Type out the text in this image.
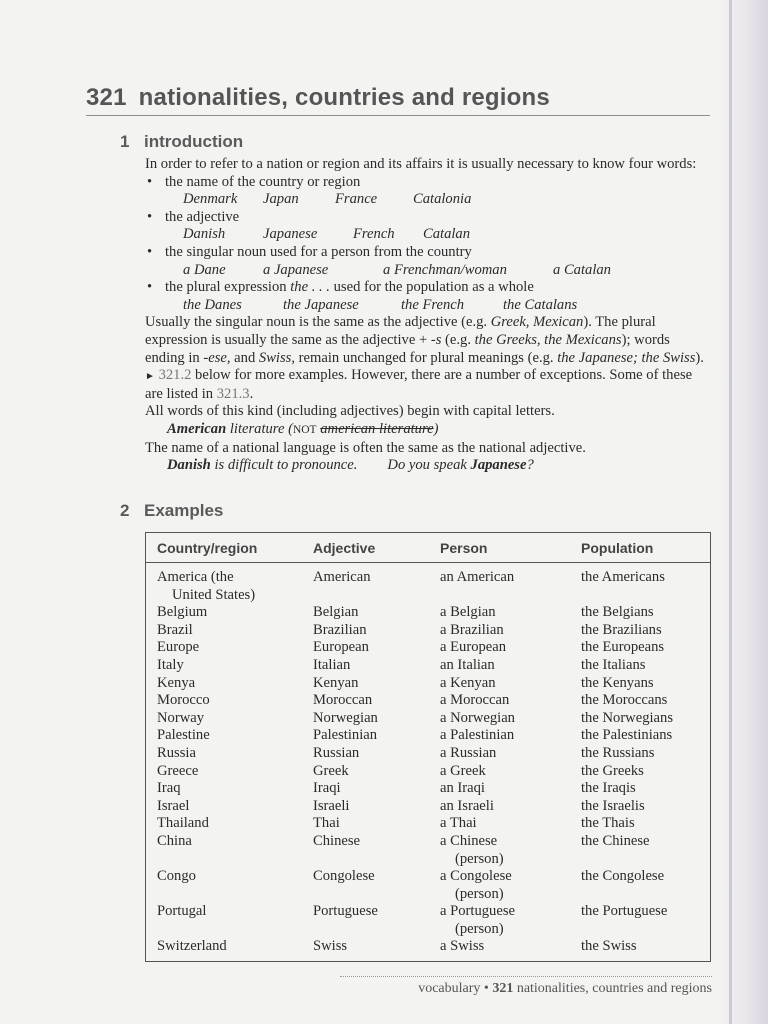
321 nationalities, countries and regions
1 introduction

In order to refer to a nation or region and its affairs it is usually necessary to know four words:

• the name of the country or region
Denmark	Japan	France	Catalonia
• the adjective
Danish	Japanese	French	Catalan
• the singular noun used for a person from the country
a Dane	a Japanese	a Frenchman/woman	a Catalan
• the plural expression the . . . used for the population as a whole
the Danes	the Japanese	the French	the Catalans

Usually the singular noun is the same as the adjective (e.g. Greek, Mexican). The plural expression is usually the same as the adjective + -s (e.g. the Greeks, the Mexicans); words ending in -ese, and Swiss, remain unchanged for plural meanings (e.g. the Japanese; the Swiss). ► 321.2 below for more examples. However, there are a number of exceptions. Some of these are listed in 321.3.

All words of this kind (including adjectives) begin with capital letters.

American literature (NOT american literature)

The name of a national language is often the same as the national adjective.

Danish is difficult to pronounce. Do you speak Japanese?

2 Examples
Country/region	Adjective	Person	Population
America (the	American	an American	the Americans
United States)
Belgium	Belgian	a Belgian	the Belgians
Brazil	Brazilian	a Brazilian	the Brazilians
Europe	European	a European	the Europeans
Italy	Italian	an Italian	the Italians
Kenya	Kenyan	a Kenyan	the Kenyans
Morocco	Moroccan	a Moroccan	the Moroccans
Norway	Norwegian	a Norwegian	the Norwegians
Palestine	Palestinian	a Palestinian	the Palestinians
Russia	Russian	a Russian	the Russians
Greece	Greek	a Greek	the Greeks
Iraq	Iraqi	an Iraqi	the Iraqis
Israel	Israeli	an Israeli	the Israelis
Thailand	Thai	a Thai	the Thais
China	Chinese	a Chinese	the Chinese
(person)
Congo	Congolese	a Congolese	the Congolese
(person)
Portugal	Portuguese	a Portuguese	the Portuguese
(person)
Switzerland	Swiss	a Swiss	the Swiss
vocabulary • 321 nationalities, countries and regions
